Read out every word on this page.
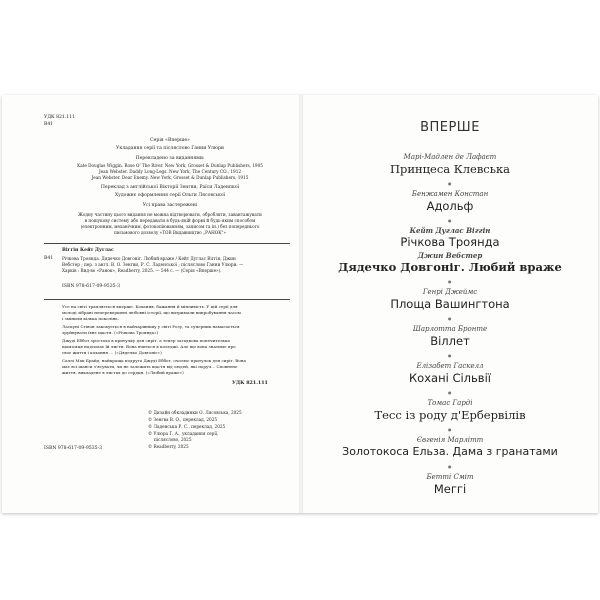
УДК 821.111
В41
Серія «Вперше»
Укладання серії та післяслово Ганни Улюри
Перекладено за виданнями:
Kate Douglas Wiggin. Rose O' The River. New York, Grosset & Dunlap Publishers, 1905
Jean Webster. Daddy Long-Legs. New York, The Century CO., 1912
Jean Webster. Dear Enemy. New York, Grosset & Dunlap Publishers, 1915
Переклад з англійської Вікторії Зенгви, Раїси Ладенпкої
Художнє оформлення серії Ольги Лясовської
Усі права застережені
Жодну частину цього видання не можна відтворювати, обробляти, завантажувати
в пошукову систему або передавати в будь-якій формі й будь-яким способом
(електронним, механічним, фотокопіюванням, записом та ін.) без попереднього
письмового дозволу «ТОВ Видавництво „РАНОК"»
Віггін Кейт Дуглас
В41 Річкова Троянда. Дядечко Довгоніг. Любий враже / Кейт Дуглас Віггін, Джин
Вебстер ; пер. з англ. В. О. Зенгви, Р. С. Ладенської ; післяслово Ганни Улюри. —
Харків : Вид-во «Ранок», Readberry, 2025. — 544 с. — (Серія «Вперше»).
ISBN 978-617-09-9535-3
Усе на світі трапляється вперше. Кохання, бажання й мінливість. У цій серії для
молоді зібрані неперевершені любовні історії, що витримали випробування часом
і змінили кілька поколінь.
Ласкуні Стівон закохується в найчарівнішу у світі Розу, та суперник намагається
зруйнувати їхнє щастя. («Річкова Троянда»)
Джуді Еббот зростала в притулку для сиріт, а тепер загадкова попечителька
щомісяця надсилає їй листи. Вона вчиться в коледжі. Але що вона знатиме про
своє життя і кохання … («Дядечко Довгоніг»)
Саллі Мак Брайд, найкраща подруга Джуді Еббот, очолює притулок для сиріт. Вона
має всі шанси з'ясувати, чи не залежить щастя від людей, які поруч… Сповнене
життя, викладене в листах до сердця. («Любий враже»)
УДК 821.111
© Дизайн обкладинки О. Лясовська, 2025
© Зенгва В. О., переклад, 2025
© Ладенська Р. С., переклад, 2025
© Улюра Г. А., укладання серії,
післяслово, 2025
© Readberry, 2025
ISBN 978-617-09-9535-3
ВПЕРШЕ
Марі-Мадлен де Лафаєт
Принцеса Клевська
●
Бенжамен Констан
Адольф
●
Кейт Дуглас Віггін
Річкова Троянда
Джин Вебстер
Дядечко Довгоніг. Любий враже
●
Генрі Джеймс
Площа Вашингтона
●
Шарлотта Бронте
Віллет
●
Елізабет Гаскелл
Кохані Сільвії
●
Томас Гарді
Тесс із роду д'Ербервілів
●
Євгенія Марлітт
Золотокоса Ельза. Дама з гранатами
●
Бетті Сміт
Меггі
